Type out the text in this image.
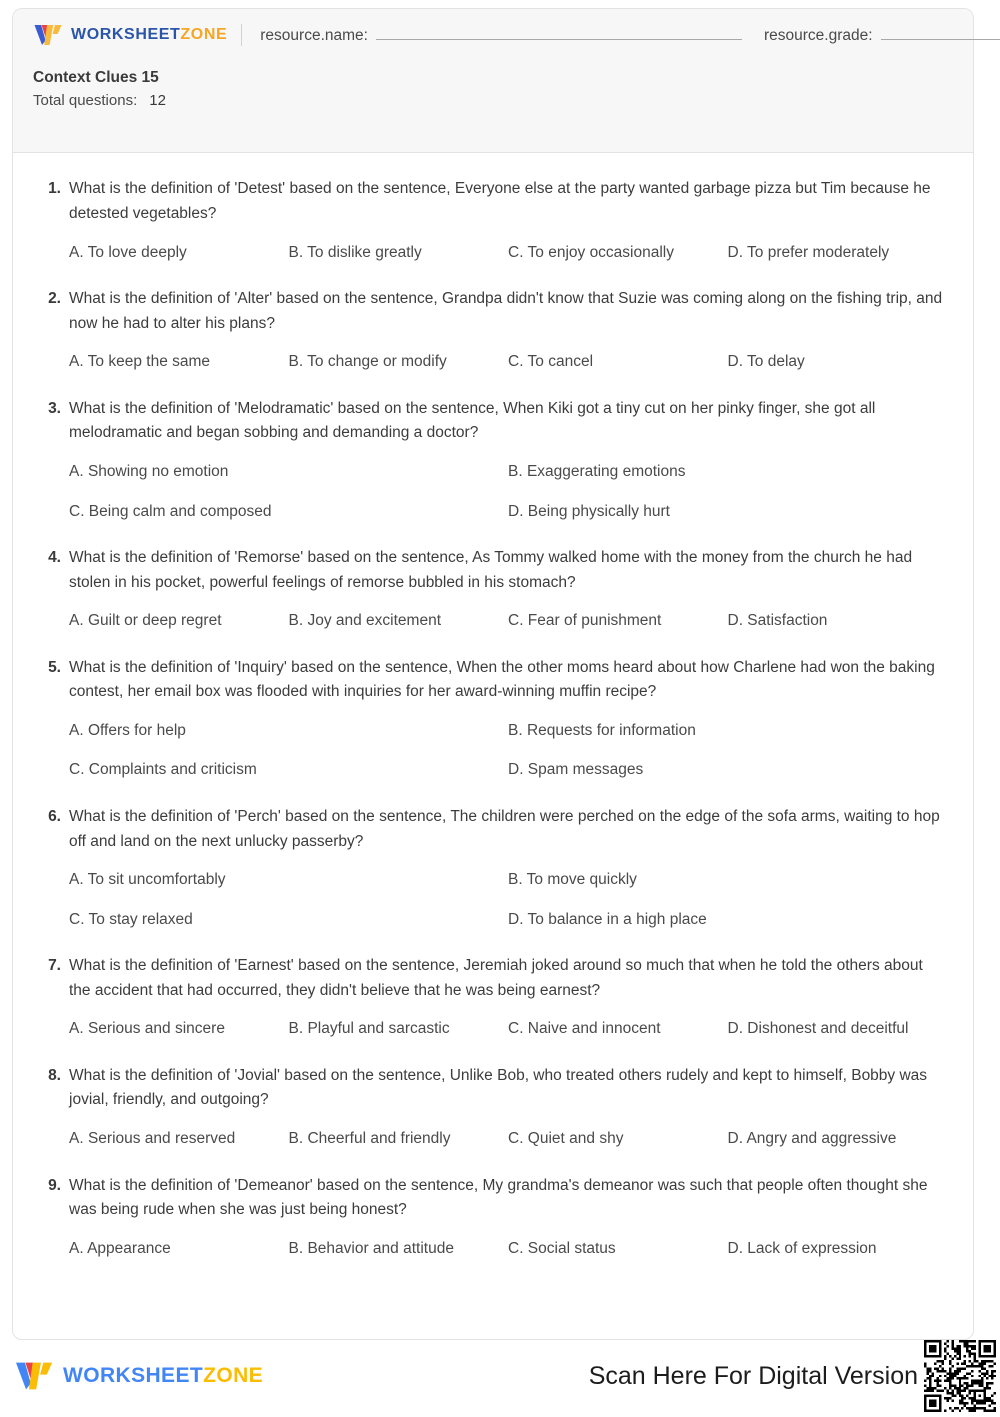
WORKSHEETZONE resource.name:	resource.grade:
Context Clues 15
Total questions: 12
1. What is the definition of 'Detest' based on the sentence, Everyone else at the party wanted garbage pizza but Tim because he detested vegetables?
A. To love deeply	B. To dislike greatly	C. To enjoy occasionally	D. To prefer moderately
2. What is the definition of 'Alter' based on the sentence, Grandpa didn't know that Suzie was coming along on the fishing trip, and now he had to alter his plans?
A. To keep the same	B. To change or modify	C. To cancel	D. To delay
3. What is the definition of 'Melodramatic' based on the sentence, When Kiki got a tiny cut on her pinky finger, she got all melodramatic and began sobbing and demanding a doctor?
A. Showing no emotion	B. Exaggerating emotions
C. Being calm and composed	D. Being physically hurt
4. What is the definition of 'Remorse' based on the sentence, As Tommy walked home with the money from the church he had stolen in his pocket, powerful feelings of remorse bubbled in his stomach?
A. Guilt or deep regret	B. Joy and excitement	C. Fear of punishment	D. Satisfaction
5. What is the definition of 'Inquiry' based on the sentence, When the other moms heard about how Charlene had won the baking contest, her email box was flooded with inquiries for her award-winning muffin recipe?
A. Offers for help	B. Requests for information
C. Complaints and criticism	D. Spam messages
6. What is the definition of 'Perch' based on the sentence, The children were perched on the edge of the sofa arms, waiting to hop off and land on the next unlucky passerby?
A. To sit uncomfortably	B. To move quickly
C. To stay relaxed	D. To balance in a high place
7. What is the definition of 'Earnest' based on the sentence, Jeremiah joked around so much that when he told the others about the accident that had occurred, they didn't believe that he was being earnest?
A. Serious and sincere	B. Playful and sarcastic	C. Naive and innocent	D. Dishonest and deceitful
8. What is the definition of 'Jovial' based on the sentence, Unlike Bob, who treated others rudely and kept to himself, Bobby was jovial, friendly, and outgoing?
A. Serious and reserved	B. Cheerful and friendly	C. Quiet and shy	D. Angry and aggressive
9. What is the definition of 'Demeanor' based on the sentence, My grandma's demeanor was such that people often thought she was being rude when she was just being honest?
A. Appearance	B. Behavior and attitude	C. Social status	D. Lack of expression
WORKSHEETZONE	Scan Here For Digital Version
